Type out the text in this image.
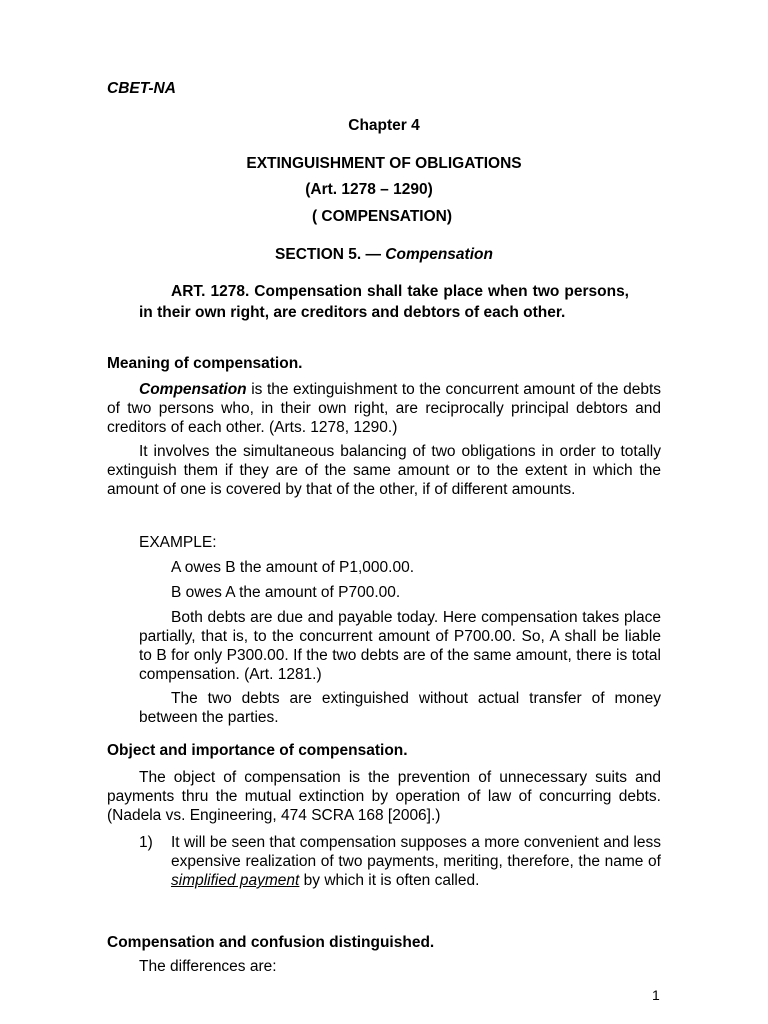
CBET-NA
Chapter 4
EXTINGUISHMENT OF OBLIGATIONS
(Art. 1278 – 1290)
( COMPENSATION)
SECTION 5. — Compensation
ART. 1278. Compensation shall take place when two persons, in their own right, are creditors and debtors of each other.
Meaning of compensation.
Compensation is the extinguishment to the concurrent amount of the debts of two persons who, in their own right, are reciprocally principal debtors and creditors of each other. (Arts. 1278, 1290.)
It involves the simultaneous balancing of two obligations in order to totally extinguish them if they are of the same amount or to the extent in which the amount of one is covered by that of the other, if of different amounts.
EXAMPLE:
A owes B the amount of P1,000.00.
B owes A the amount of P700.00.
Both debts are due and payable today. Here compensation takes place partially, that is, to the concurrent amount of P700.00. So, A shall be liable to B for only P300.00. If the two debts are of the same amount, there is total compensation. (Art. 1281.)
The two debts are extinguished without actual transfer of money between the parties.
Object and importance of compensation.
The object of compensation is the prevention of unnecessary suits and payments thru the mutual extinction by operation of law of concurring debts. (Nadela vs. Engineering, 474 SCRA 168 [2006].)
1) It will be seen that compensation supposes a more convenient and less expensive realization of two payments, meriting, therefore, the name of simplified payment by which it is often called.
Compensation and confusion distinguished.
The differences are:
1
